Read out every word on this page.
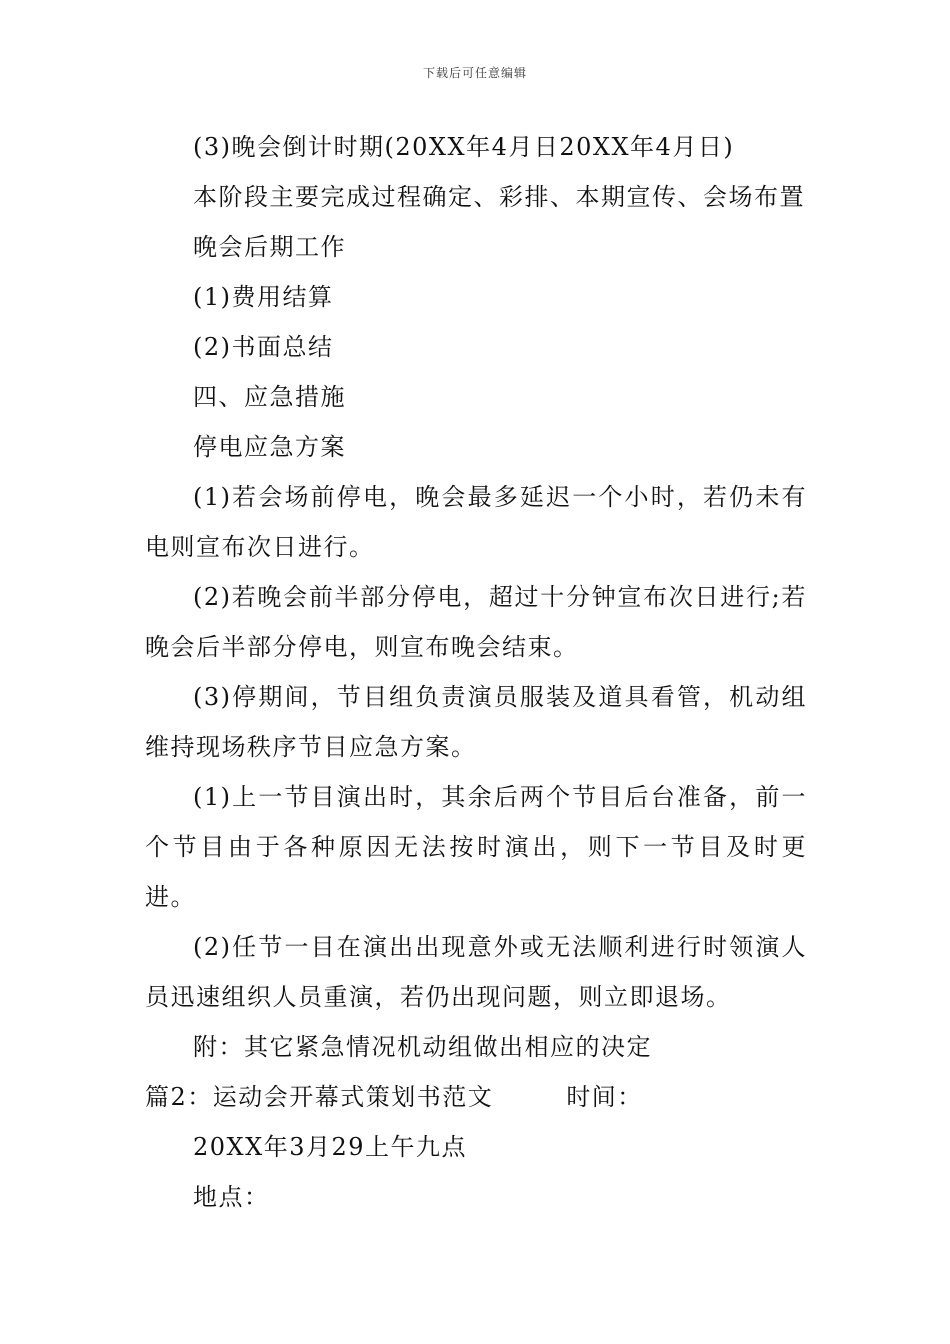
下载后可任意编辑

(3)晚会倒计时期(20XX年4月日20XX年4月日)

本阶段主要完成过程确定、彩排、本期宣传、会场布置

晚会后期工作

(1)费用结算

(2)书面总结

四、应急措施

停电应急方案

(1)若会场前停电，晚会最多延迟一个小时，若仍未有电则宣布次日进行。

(2)若晚会前半部分停电，超过十分钟宣布次日进行;若晚会后半部分停电，则宣布晚会结束。

(3)停期间，节目组负责演员服装及道具看管，机动组维持现场秩序节目应急方案。

(1)上一节目演出时，其余后两个节目后台准备，前一个节目由于各种原因无法按时演出，则下一节目及时更进。

(2)任节一目在演出出现意外或无法顺利进行时领演人员迅速组织人员重演，若仍出现问题，则立即退场。

附：其它紧急情况机动组做出相应的决定

篇2：运动会开幕式策划书范文	时间：

20XX年3月29上午九点

地点：
